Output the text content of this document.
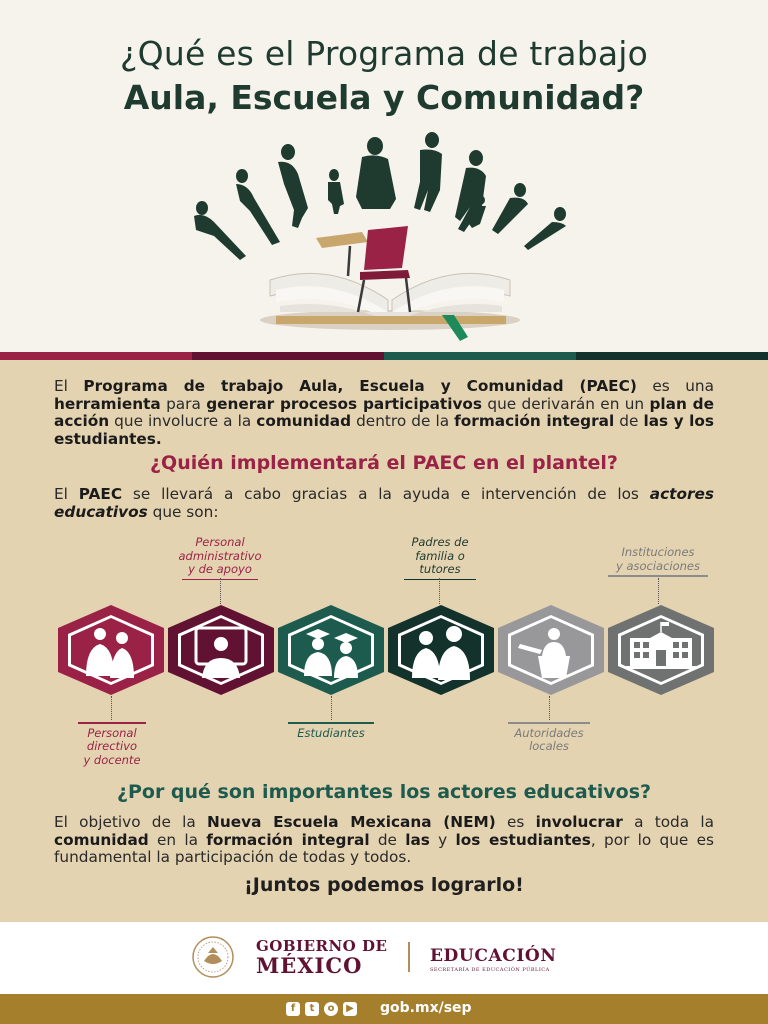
¿Qué es el Programa de trabajo
Aula, Escuela y Comunidad?

El Programa de trabajo Aula, Escuela y Comunidad (PAEC) es una herramienta para generar procesos participativos que derivarán en un plan de acción que involucre a la comunidad dentro de la formación integral de las y los estudiantes.

¿Quién implementará el PAEC en el plantel?

El PAEC se llevará a cabo gracias a la ayuda e intervención de los actores educativos que son:

Personal
administrativo
y de apoyo
Padres de
familia o
tutores
Instituciones
y asociaciones
Personal
directivo
y docente
Estudiantes	Autoridades
locales
¿Por qué son importantes los actores educativos?

El objetivo de la Nueva Escuela Mexicana (NEM) es involucrar a toda la comunidad en la formación integral de las y los estudiantes, por lo que es fundamental la participación de todas y todos.

¡Juntos podemos lograrlo!
GOBIERNO DE
MÉXICO	EDUCACIÓN
SECRETARÍA DE EDUCACIÓN PÚBLICA
f	t	o	▶ gob.mx/sep
